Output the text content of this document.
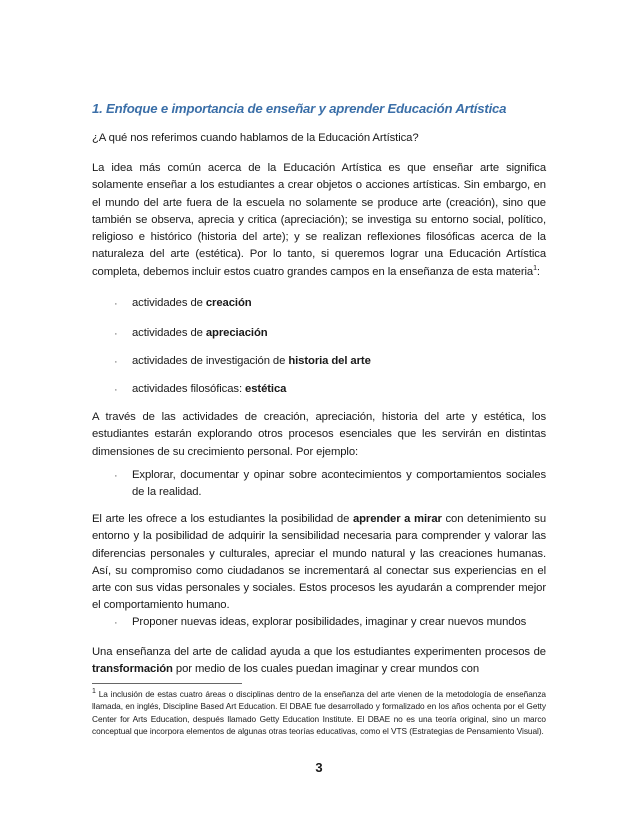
1. Enfoque e importancia de enseñar y aprender Educación Artística
¿A qué nos referimos cuando hablamos de la Educación Artística?
La idea más común acerca de la Educación Artística es que enseñar arte significa solamente enseñar a los estudiantes a crear objetos o acciones artísticas. Sin embargo, en el mundo del arte fuera de la escuela no solamente se produce arte (creación), sino que también se observa, aprecia y critica (apreciación); se investiga su entorno social, político, religioso e histórico (historia del arte); y se realizan reflexiones filosóficas acerca de la naturaleza del arte (estética). Por lo tanto, si queremos lograr una Educación Artística completa, debemos incluir estos cuatro grandes campos en la enseñanza de esta materia$^1$:
· actividades de creación
· actividades de apreciación
· actividades de investigación de historia del arte
· actividades filosóficas: estética
A través de las actividades de creación, apreciación, historia del arte y estética, los estudiantes estarán explorando otros procesos esenciales que les servirán en distintas dimensiones de su crecimiento personal. Por ejemplo:
· Explorar, documentar y opinar sobre acontecimientos y comportamientos sociales de la realidad.
El arte les ofrece a los estudiantes la posibilidad de aprender a mirar con detenimiento su entorno y la posibilidad de adquirir la sensibilidad necesaria para comprender y valorar las diferencias personales y culturales, apreciar el mundo natural y las creaciones humanas. Así, su compromiso como ciudadanos se incrementará al conectar sus experiencias en el arte con sus vidas personales y sociales. Estos procesos les ayudarán a comprender mejor el comportamiento humano.
· Proponer nuevas ideas, explorar posibilidades, imaginar y crear nuevos mundos
Una enseñanza del arte de calidad ayuda a que los estudiantes experimenten procesos de transformación por medio de los cuales puedan imaginar y crear mundos con
$^1$ La inclusión de estas cuatro áreas o disciplinas dentro de la enseñanza del arte vienen de la metodología de enseñanza llamada, en inglés, Discipline Based Art Education. El DBAE fue desarrollado y formalizado en los años ochenta por el Getty Center for Arts Education, después llamado Getty Education Institute. El DBAE no es una teoría original, sino un marco conceptual que incorpora elementos de algunas otras teorías educativas, como el VTS (Estrategias de Pensamiento Visual).
3
